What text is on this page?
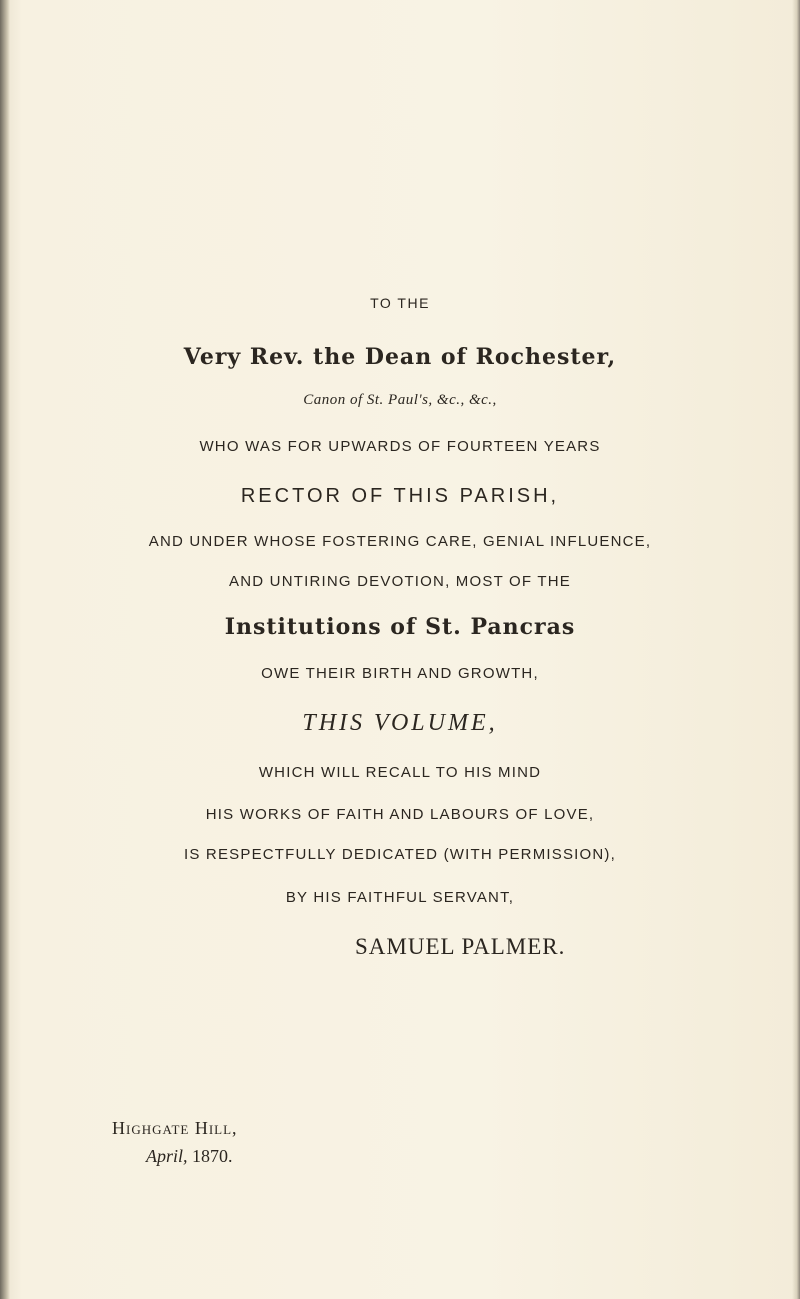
TO THE
Very Rev. the Dean of Rochester,
Canon of St. Paul's, &c., &c.,
WHO WAS FOR UPWARDS OF FOURTEEN YEARS
RECTOR OF THIS PARISH,
AND UNDER WHOSE FOSTERING CARE, GENIAL INFLUENCE,
AND UNTIRING DEVOTION, MOST OF THE
Institutions of St. Pancras
OWE THEIR BIRTH AND GROWTH,
THIS VOLUME,
WHICH WILL RECALL TO HIS MIND
HIS WORKS OF FAITH AND LABOURS OF LOVE,
IS RESPECTFULLY DEDICATED (WITH PERMISSION),
BY HIS FAITHFUL SERVANT,
SAMUEL PALMER.
Highgate Hill,
April, 1870.
